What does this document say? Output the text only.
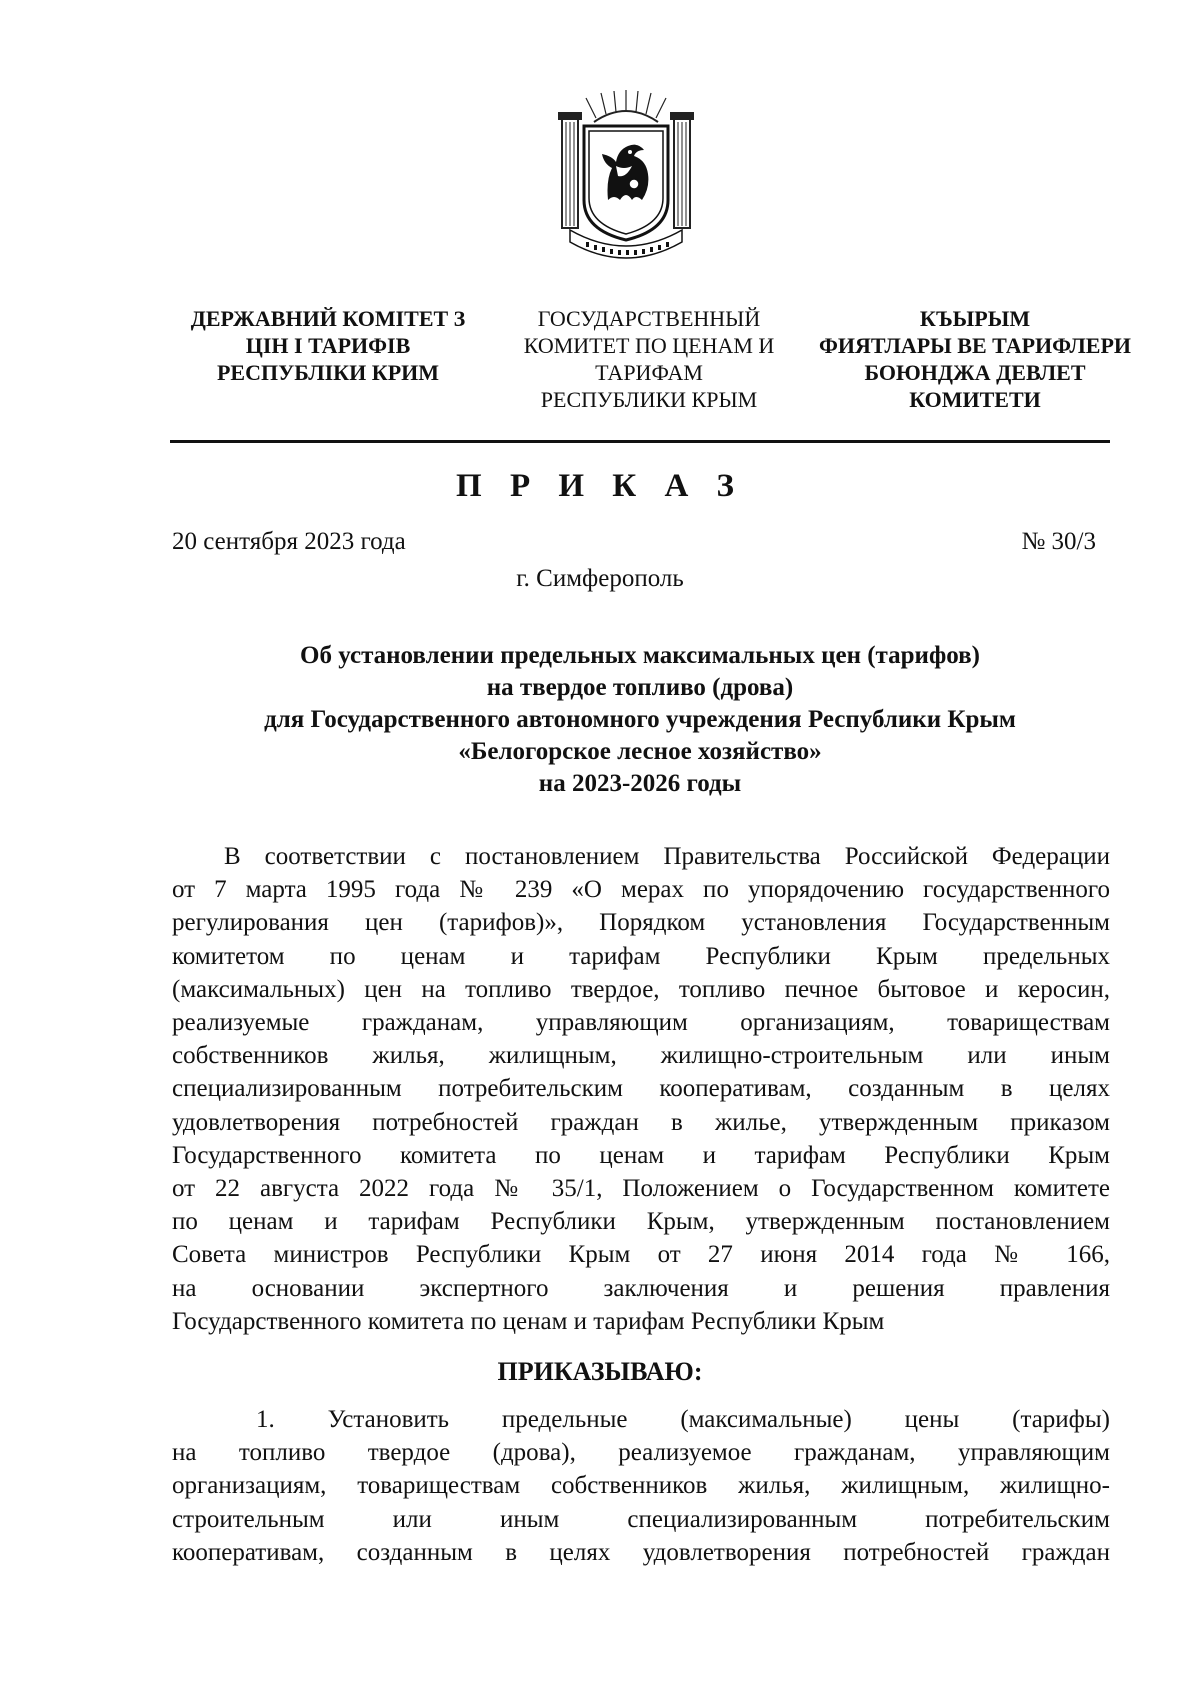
ДЕРЖАВНИЙ КОМІТЕТ З
ЦІН І ТАРИФІВ
РЕСПУБЛІКИ КРИМ
ГОСУДАРСТВЕННЫЙ
КОМИТЕТ ПО ЦЕНАМ И
ТАРИФАМ
РЕСПУБЛИКИ КРЫМ
КЪЫРЫМ
ФИЯТЛАРЫ ВЕ ТАРИФЛЕРИ
БОЮНДЖА ДЕВЛЕТ
КОМИТЕТИ
П Р И К А З
20 сентября 2023 года	№ 30/3
г. Симферополь
Об установлении предельных максимальных цен (тарифов)
на твердое топливо (дрова)
для Государственного автономного учреждения Республики Крым
«Белогорское лесное хозяйство»
на 2023-2026 годы
В соответствии с постановлением Правительства Российской Федерации
от 7 марта 1995 года № 239 «О мерах по упорядочению государственного
регулирования цен (тарифов)», Порядком установления Государственным
комитетом по ценам и тарифам Республики Крым предельных
(максимальных) цен на топливо твердое, топливо печное бытовое и керосин,
реализуемые гражданам, управляющим организациям, товариществам
собственников жилья, жилищным, жилищно-строительным или иным
специализированным потребительским кооперативам, созданным в целях
удовлетворения потребностей граждан в жилье, утвержденным приказом
Государственного комитета по ценам и тарифам Республики Крым
от 22 августа 2022 года № 35/1, Положением о Государственном комитете
по ценам и тарифам Республики Крым, утвержденным постановлением
Совета министров Республики Крым от 27 июня 2014 года № 166,
на основании экспертного заключения и решения правления
Государственного комитета по ценам и тарифам Республики Крым
ПРИКАЗЫВАЮ:
1. Установить предельные (максимальные) цены (тарифы)
на топливо твердое (дрова), реализуемое гражданам, управляющим
организациям, товариществам собственников жилья, жилищным, жилищно-
строительным или иным специализированным потребительским
кооперативам, созданным в целях удовлетворения потребностей граждан
